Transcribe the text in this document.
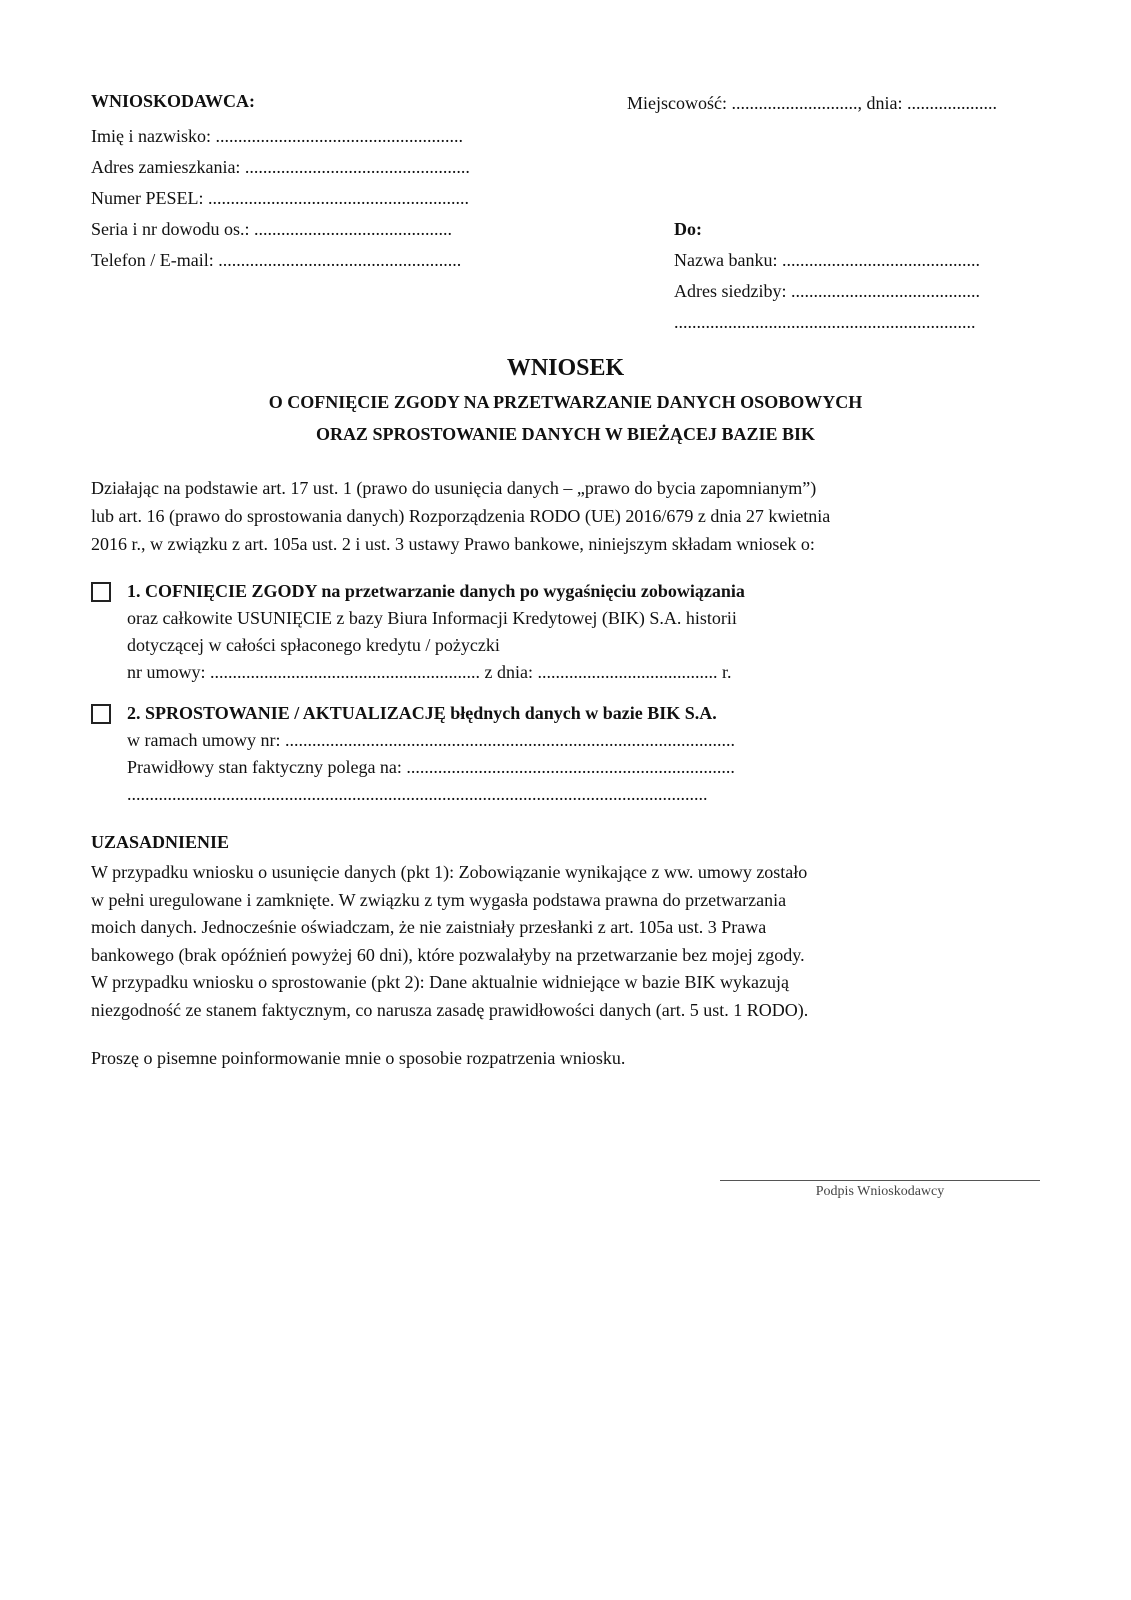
WNIOSKODAWCA:
Imię i nazwisko: .......................................................
Adres zamieszkania: ..................................................
Numer PESEL: ..........................................................
Seria i nr dowodu os.: ............................................
Telefon / E-mail: ......................................................
Miejscowość: ............................, dnia: ....................
Do:
Nazwa banku: ............................................
Adres siedziby: ..........................................
...................................................................
WNIOSEK
O COFNIĘCIE ZGODY NA PRZETWARZANIE DANYCH OSOBOWYCH
ORAZ SPROSTOWANIE DANYCH W BIEŻĄCEJ BAZIE BIK
Działając na podstawie art. 17 ust. 1 (prawo do usunięcia danych – „prawo do bycia zapomnianym”)
lub art. 16 (prawo do sprostowania danych) Rozporządzenia RODO (UE) 2016/679 z dnia 27 kwietnia
2016 r., w związku z art. 105a ust. 2 i ust. 3 ustawy Prawo bankowe, niniejszym składam wniosek o:
1. COFNIĘCIE ZGODY na przetwarzanie danych po wygaśnięciu zobowiązania
oraz całkowite USUNIĘCIE z bazy Biura Informacji Kredytowej (BIK) S.A. historii
dotyczącej w całości spłaconego kredytu / pożyczki
nr umowy: ............................................................ z dnia: ........................................ r.
2. SPROSTOWANIE / AKTUALIZACJĘ błędnych danych w bazie BIK S.A.
w ramach umowy nr: ....................................................................................................
Prawidłowy stan faktyczny polega na: .........................................................................
.................................................................................................................................
UZASADNIENIE
W przypadku wniosku o usunięcie danych (pkt 1): Zobowiązanie wynikające z ww. umowy zostało
w pełni uregulowane i zamknięte. W związku z tym wygasła podstawa prawna do przetwarzania
moich danych. Jednocześnie oświadczam, że nie zaistniały przesłanki z art. 105a ust. 3 Prawa
bankowego (brak opóźnień powyżej 60 dni), które pozwalałyby na przetwarzanie bez mojej zgody.
W przypadku wniosku o sprostowanie (pkt 2): Dane aktualnie widniejące w bazie BIK wykazują
niezgodność ze stanem faktycznym, co narusza zasadę prawidłowości danych (art. 5 ust. 1 RODO).
Proszę o pisemne poinformowanie mnie o sposobie rozpatrzenia wniosku.
Podpis Wnioskodawcy
